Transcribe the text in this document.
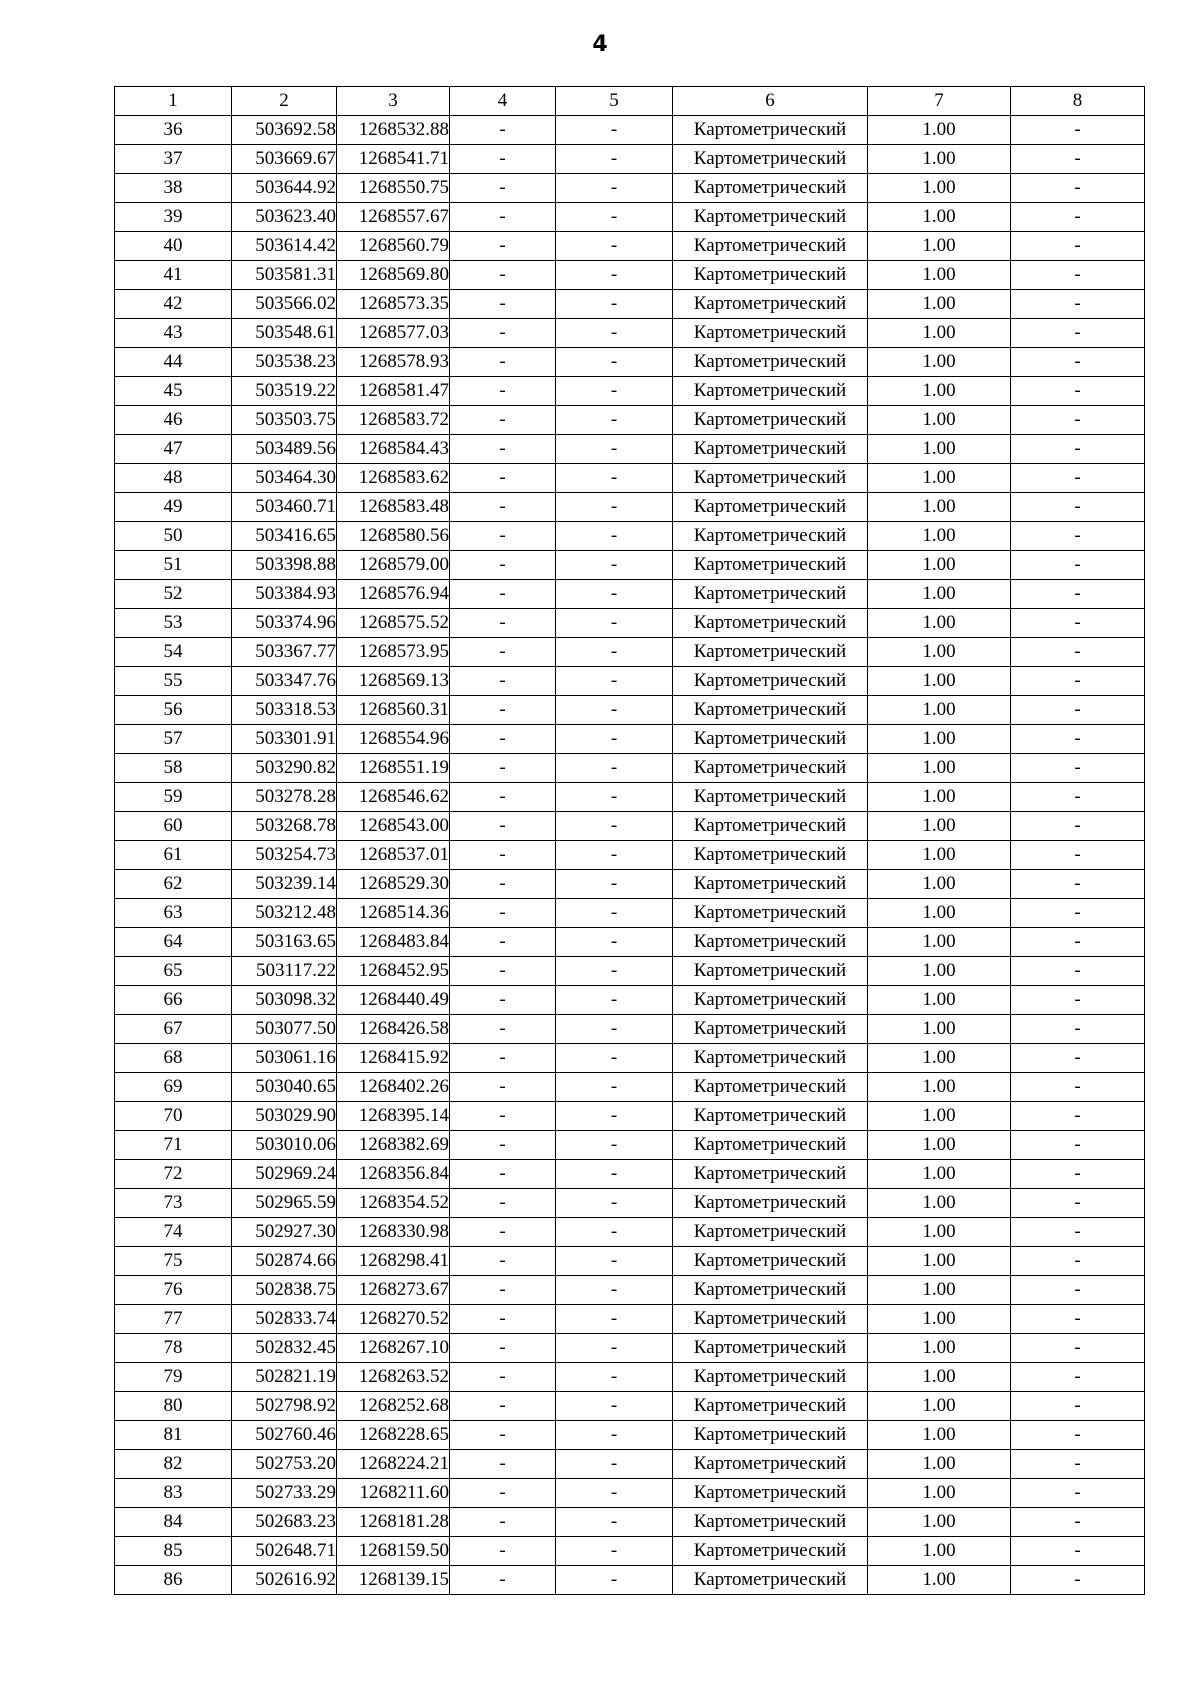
4
1	2	3	4	5	6	7	8
36	503692.58	1268532.88	-	-	Картометрический	1.00	-
37	503669.67	1268541.71	-	-	Картометрический	1.00	-
38	503644.92	1268550.75	-	-	Картометрический	1.00	-
39	503623.40	1268557.67	-	-	Картометрический	1.00	-
40	503614.42	1268560.79	-	-	Картометрический	1.00	-
41	503581.31	1268569.80	-	-	Картометрический	1.00	-
42	503566.02	1268573.35	-	-	Картометрический	1.00	-
43	503548.61	1268577.03	-	-	Картометрический	1.00	-
44	503538.23	1268578.93	-	-	Картометрический	1.00	-
45	503519.22	1268581.47	-	-	Картометрический	1.00	-
46	503503.75	1268583.72	-	-	Картометрический	1.00	-
47	503489.56	1268584.43	-	-	Картометрический	1.00	-
48	503464.30	1268583.62	-	-	Картометрический	1.00	-
49	503460.71	1268583.48	-	-	Картометрический	1.00	-
50	503416.65	1268580.56	-	-	Картометрический	1.00	-
51	503398.88	1268579.00	-	-	Картометрический	1.00	-
52	503384.93	1268576.94	-	-	Картометрический	1.00	-
53	503374.96	1268575.52	-	-	Картометрический	1.00	-
54	503367.77	1268573.95	-	-	Картометрический	1.00	-
55	503347.76	1268569.13	-	-	Картометрический	1.00	-
56	503318.53	1268560.31	-	-	Картометрический	1.00	-
57	503301.91	1268554.96	-	-	Картометрический	1.00	-
58	503290.82	1268551.19	-	-	Картометрический	1.00	-
59	503278.28	1268546.62	-	-	Картометрический	1.00	-
60	503268.78	1268543.00	-	-	Картометрический	1.00	-
61	503254.73	1268537.01	-	-	Картометрический	1.00	-
62	503239.14	1268529.30	-	-	Картометрический	1.00	-
63	503212.48	1268514.36	-	-	Картометрический	1.00	-
64	503163.65	1268483.84	-	-	Картометрический	1.00	-
65	503117.22	1268452.95	-	-	Картометрический	1.00	-
66	503098.32	1268440.49	-	-	Картометрический	1.00	-
67	503077.50	1268426.58	-	-	Картометрический	1.00	-
68	503061.16	1268415.92	-	-	Картометрический	1.00	-
69	503040.65	1268402.26	-	-	Картометрический	1.00	-
70	503029.90	1268395.14	-	-	Картометрический	1.00	-
71	503010.06	1268382.69	-	-	Картометрический	1.00	-
72	502969.24	1268356.84	-	-	Картометрический	1.00	-
73	502965.59	1268354.52	-	-	Картометрический	1.00	-
74	502927.30	1268330.98	-	-	Картометрический	1.00	-
75	502874.66	1268298.41	-	-	Картометрический	1.00	-
76	502838.75	1268273.67	-	-	Картометрический	1.00	-
77	502833.74	1268270.52	-	-	Картометрический	1.00	-
78	502832.45	1268267.10	-	-	Картометрический	1.00	-
79	502821.19	1268263.52	-	-	Картометрический	1.00	-
80	502798.92	1268252.68	-	-	Картометрический	1.00	-
81	502760.46	1268228.65	-	-	Картометрический	1.00	-
82	502753.20	1268224.21	-	-	Картометрический	1.00	-
83	502733.29	1268211.60	-	-	Картометрический	1.00	-
84	502683.23	1268181.28	-	-	Картометрический	1.00	-
85	502648.71	1268159.50	-	-	Картометрический	1.00	-
86	502616.92	1268139.15	-	-	Картометрический	1.00	-
